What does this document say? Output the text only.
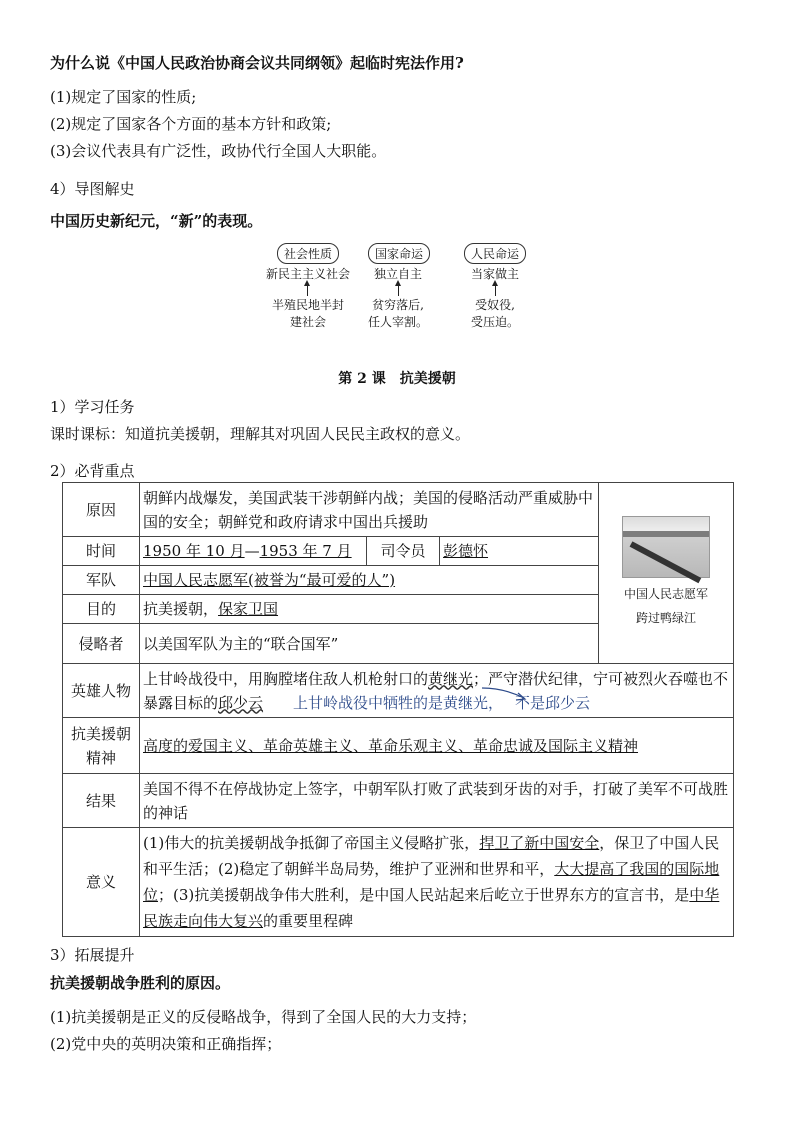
为什么说《中国人民政治协商会议共同纲领》起临时宪法作用?
(1)规定了国家的性质;
(2)规定了国家各个方面的基本方针和政策;
(3)会议代表具有广泛性，政协代行全国人大职能。
4）导图解史
中国历史新纪元，“新”的表现。
社会性质
新民主主义社会
半殖民地半封
建社会
国家命运
独立自主
贫穷落后,
任人宰割。
人民命运
当家做主
受奴役,
受压迫。
第 2 课　抗美援朝
1）学习任务
课时课标：知道抗美援朝，理解其对巩固人民民主政权的意义。
2）必背重点
原因	朝鲜内战爆发，美国武装干涉朝鲜内战；美国的侵略活动严重威胁中国的安全；朝鲜党和政府请求中国出兵援助			中国人民志愿军
跨过鸭绿江

时间	1950 年 10 月—1953 年 7 月	司令员	彭德怀	
军队	中国人民志愿军(被誉为“最可爱的人”)			
目的	抗美援朝，保家卫国			
侵略者	以美国军队为主的“联合国军”			
英雄人物	上甘岭战役中，用胸膛堵住敌人机枪射口的黄继光；严守潜伏纪律，宁可被烈火吞噬也不暴露目标的邱少云 上甘岭战役中牺牲的是黄继光， 不是邱少云			
抗美援朝
精神	高度的爱国主义、革命英雄主义、革命乐观主义、革命忠诚及国际主义精神			
结果	美国不得不在停战协定上签字，中朝军队打败了武装到牙齿的对手，打破了美军不可战胜的神话			
意义	(1)伟大的抗美援朝战争抵御了帝国主义侵略扩张，捍卫了新中国安全，保卫了中国人民和平生活；(2)稳定了朝鲜半岛局势，维护了亚洲和世界和平，大大提高了我国的国际地位；(3)抗美援朝战争伟大胜利，是中国人民站起来后屹立于世界东方的宣言书，是中华民族走向伟大复兴的重要里程碑			
3）拓展提升
抗美援朝战争胜利的原因。
(1)抗美援朝是正义的反侵略战争，得到了全国人民的大力支持；
(2)党中央的英明决策和正确指挥；
